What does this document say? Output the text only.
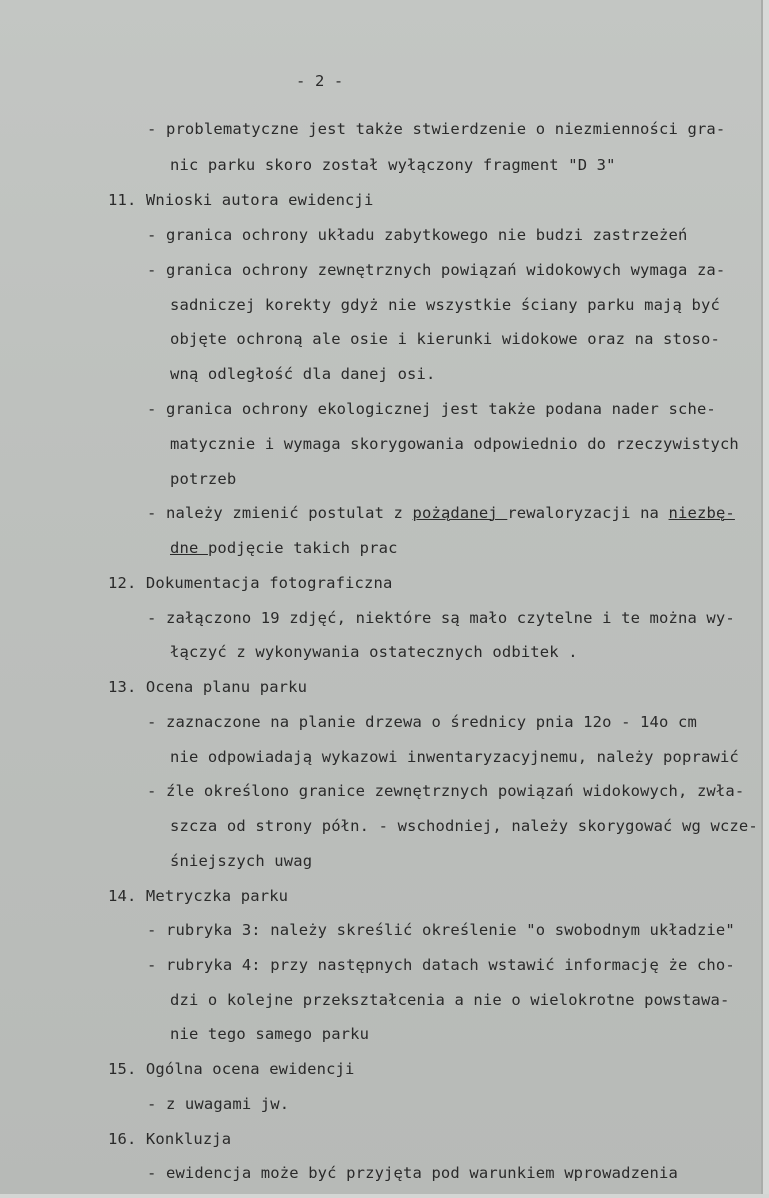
- 2 -
- problematyczne jest także stwierdzenie o niezmienności gra-
nic parku skoro został wyłączony fragment "D 3"
11. Wnioski autora ewidencji
- granica ochrony układu zabytkowego nie budzi zastrzeżeń
- granica ochrony zewnętrznych powiązań widokowych wymaga za-
sadniczej korekty gdyż nie wszystkie ściany parku mają być
objęte ochroną ale osie i kierunki widokowe oraz na stoso-
wną odległość dla danej osi.
- granica ochrony ekologicznej jest także podana nader sche-
matycznie i wymaga skorygowania odpowiednio do rzeczywistych
potrzeb
- należy zmienić postulat z pożądanej rewaloryzacji na niezbę-
dne podjęcie takich prac
12. Dokumentacja fotograficzna
- załączono 19 zdjęć, niektóre są mało czytelne i te można wy-
łączyć z wykonywania ostatecznych odbitek .
13. Ocena planu parku
- zaznaczone na planie drzewa o średnicy pnia 12o - 14o cm
nie odpowiadają wykazowi inwentaryzacyjnemu, należy poprawić
- źle określono granice zewnętrznych powiązań widokowych, zwła-
szcza od strony półn. - wschodniej, należy skorygować wg wcze-
śniejszych uwag
14. Metryczka parku
- rubryka 3: należy skreślić określenie "o swobodnym układzie"
- rubryka 4: przy następnych datach wstawić informację że cho-
dzi o kolejne przekształcenia a nie o wielokrotne powstawa-
nie tego samego parku
15. Ogólna ocena ewidencji
- z uwagami jw.
16. Konkluzja
- ewidencja może być przyjęta pod warunkiem wprowadzenia
